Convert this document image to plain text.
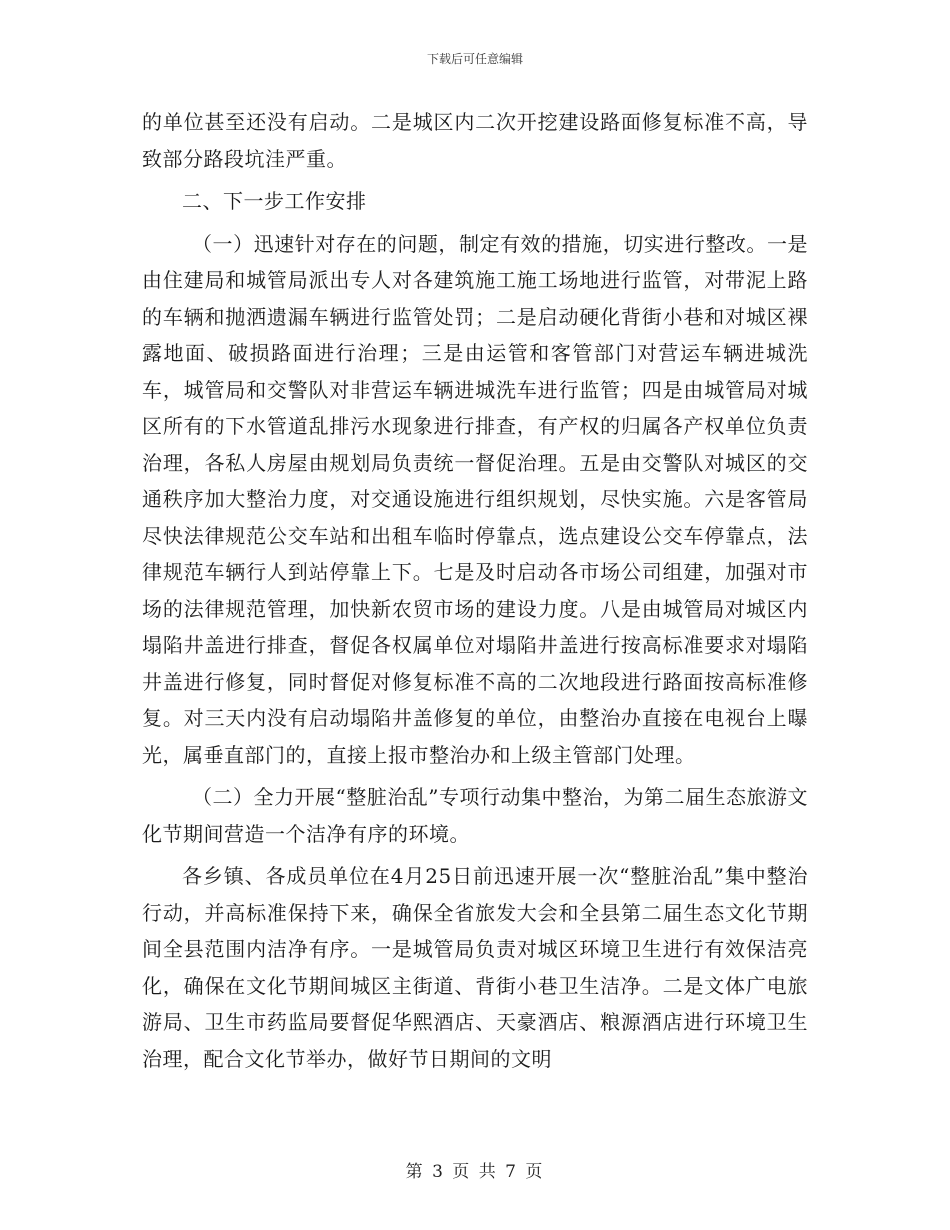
下载后可任意编辑

的单位甚至还没有启动。二是城区内二次开挖建设路面修复标准不高，导致部分路段坑洼严重。

二、下一步工作安排

（一）迅速针对存在的问题，制定有效的措施，切实进行整改。一是由住建局和城管局派出专人对各建筑施工施工场地进行监管，对带泥上路的车辆和抛洒遗漏车辆进行监管处罚；二是启动硬化背街小巷和对城区裸露地面、破损路面进行治理；三是由运管和客管部门对营运车辆进城洗车，城管局和交警队对非营运车辆进城洗车进行监管；四是由城管局对城区所有的下水管道乱排污水现象进行排查，有产权的归属各产权单位负责治理，各私人房屋由规划局负责统一督促治理。五是由交警队对城区的交通秩序加大整治力度，对交通设施进行组织规划，尽快实施。六是客管局尽快法律规范公交车站和出租车临时停靠点，选点建设公交车停靠点，法律规范车辆行人到站停靠上下。七是及时启动各市场公司组建，加强对市场的法律规范管理，加快新农贸市场的建设力度。八是由城管局对城区内塌陷井盖进行排查，督促各权属单位对塌陷井盖进行按高标准要求对塌陷井盖进行修复，同时督促对修复标准不高的二次地段进行路面按高标准修复。对三天内没有启动塌陷井盖修复的单位，由整治办直接在电视台上曝光，属垂直部门的，直接上报市整治办和上级主管部门处理。

（二）全力开展“整脏治乱”专项行动集中整治，为第二届生态旅游文化节期间营造一个洁净有序的环境。

各乡镇、各成员单位在4月25日前迅速开展一次“整脏治乱”集中整治行动，并高标准保持下来，确保全省旅发大会和全县第二届生态文化节期间全县范围内洁净有序。一是城管局负责对城区环境卫生进行有效保洁亮化，确保在文化节期间城区主街道、背街小巷卫生洁净。二是文体广电旅游局、卫生市药监局要督促华熙酒店、天豪酒店、粮源酒店进行环境卫生治理，配合文化节举办，做好节日期间的文明

第 3 页 共 7 页
